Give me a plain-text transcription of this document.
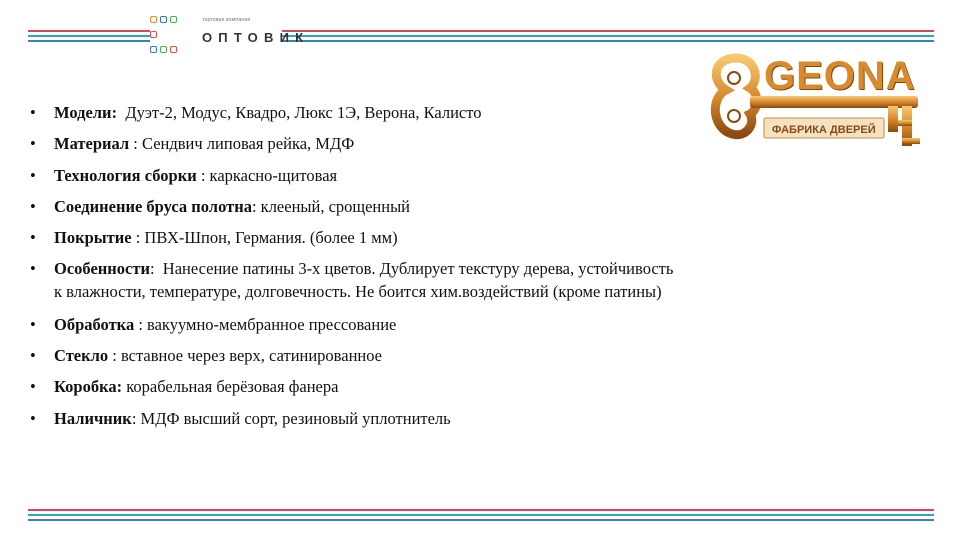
торговая компания
ОПТОВИК
GEONA
ФАБРИКА ДВЕРЕЙ
• Модели:  Дуэт-2, Модус, Квадро, Люкс 1Э, Верона, Калисто
• Материал : Сендвич липовая рейка, МДФ
• Технология сборки : каркасно-щитовая
• Соединение бруса полотна: клееный, срощенный
• Покрытие : ПВХ-Шпон, Германия. (более 1 мм)
• Особенности:  Нанесение патины 3-х цветов. Дублирует текстуру дерева, устойчивость к влажности, температуре, долговечность. Не боится хим.воздействий (кроме патины)
• Обработка : вакуумно-мембранное прессование
• Стекло : вставное через верх, сатинированное
• Коробка: корабельная берёзовая фанера
• Наличник: МДФ высший сорт, резиновый уплотнитель
